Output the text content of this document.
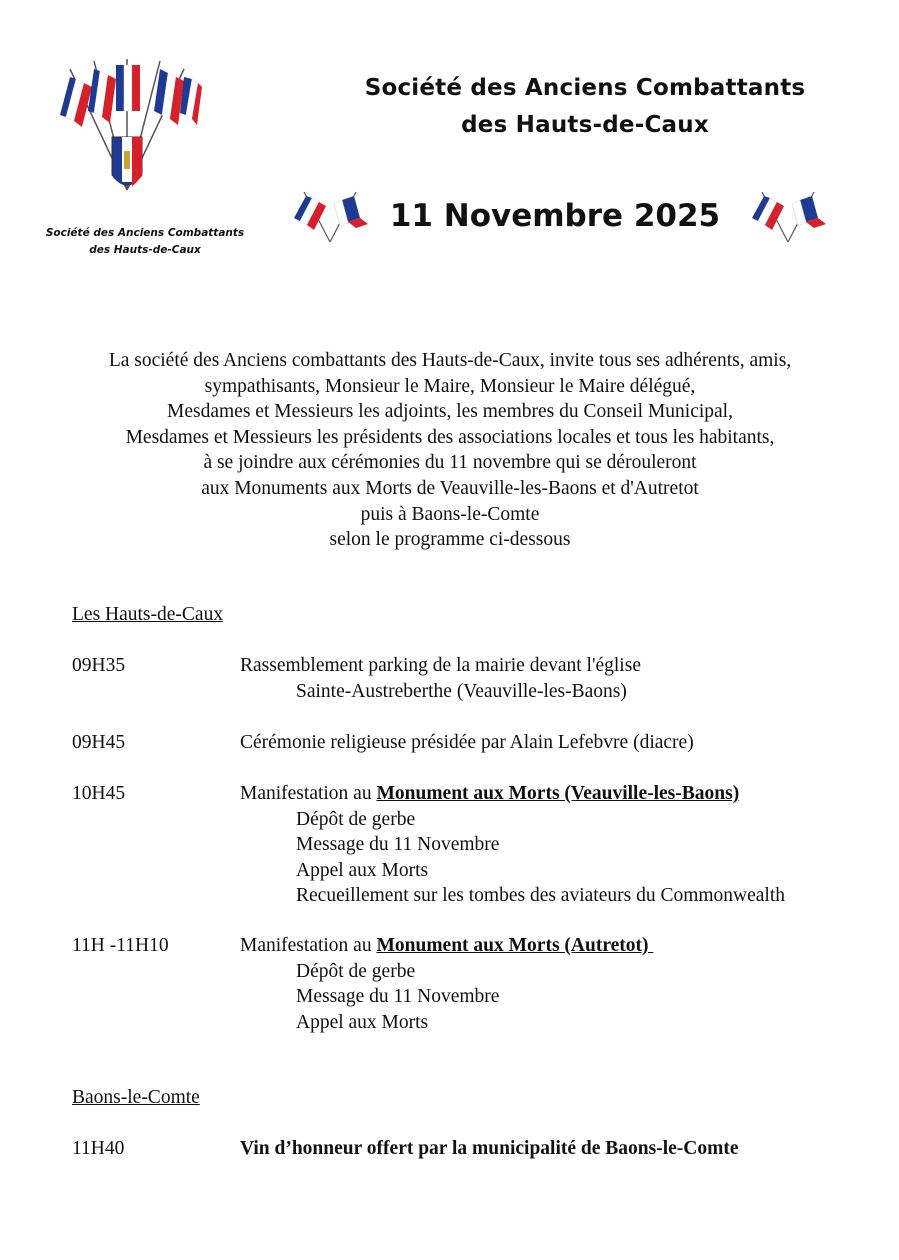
Société des Anciens Combattants
des Hauts-de-Caux
Société des Anciens Combattants
des Hauts-de-Caux
11 Novembre 2025
La société des Anciens combattants des Hauts-de-Caux, invite tous ses adhérents, amis,
sympathisants, Monsieur le Maire, Monsieur le Maire délégué,
Mesdames et Messieurs les adjoints, les membres du Conseil Municipal,
Mesdames et Messieurs les présidents des associations locales et tous les habitants,
à se joindre aux cérémonies du 11 novembre qui se dérouleront
aux Monuments aux Morts de Veauville-les-Baons et d'Autretot
puis à Baons-le-Comte
selon le programme ci-dessous
Les Hauts-de-Caux
09H35	Rassemblement parking de la mairie devant l'église
Sainte-Austreberthe (Veauville-les-Baons)
09H45	Cérémonie religieuse présidée par Alain Lefebvre (diacre)
10H45	Manifestation au Monument aux Morts (Veauville-les-Baons)
Dépôt de gerbe
Message du 11 Novembre
Appel aux Morts
Recueillement sur les tombes des aviateurs du Commonwealth
11H -11H10	Manifestation au Monument aux Morts (Autretot)
Dépôt de gerbe
Message du 11 Novembre
Appel aux Morts
Baons-le-Comte
11H40	Vin d’honneur offert par la municipalité de Baons-le-Comte
